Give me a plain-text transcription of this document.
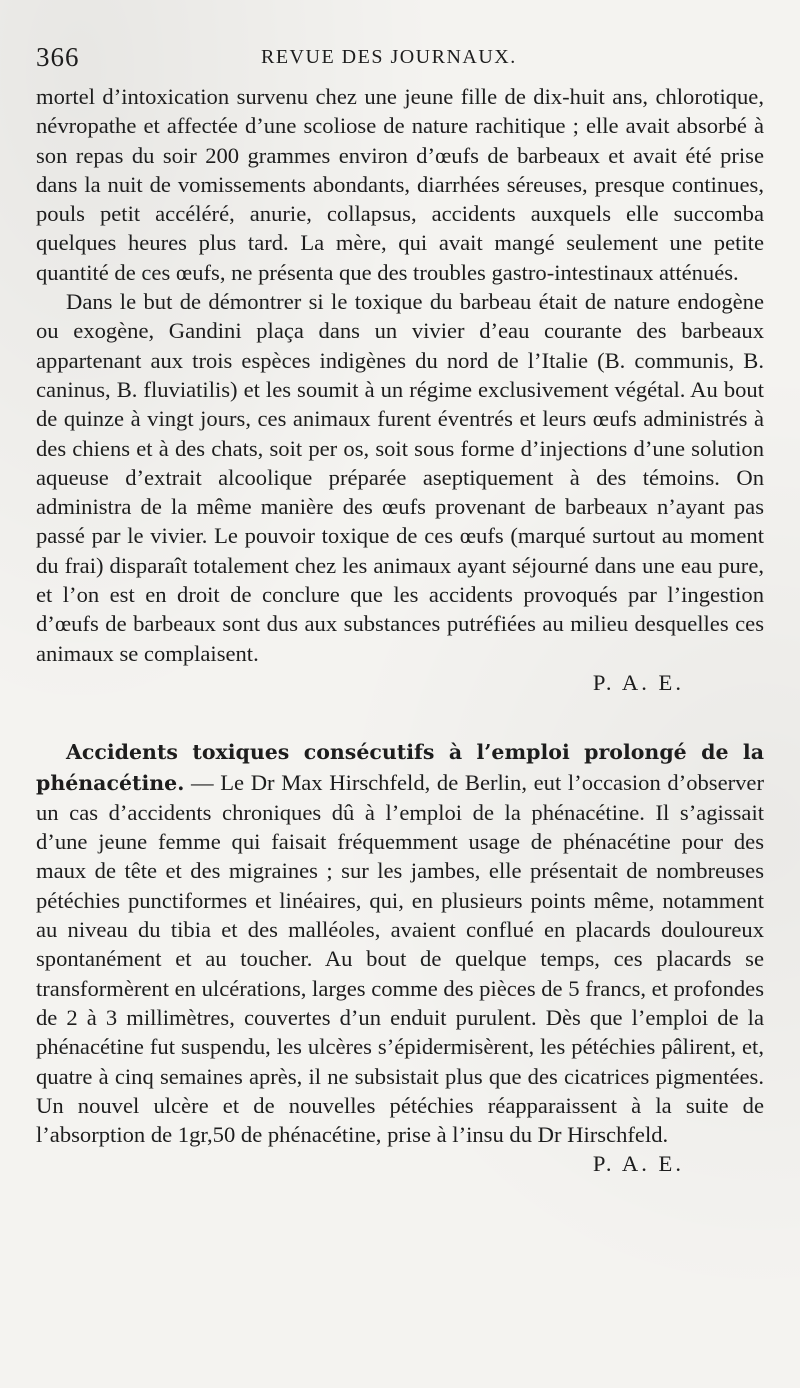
366	REVUE DES JOURNAUX.

mortel d’intoxication survenu chez une jeune fille de dix-huit ans, chlorotique, névropathe et affectée d’une scoliose de nature rachitique ; elle avait absorbé à son repas du soir 200 grammes environ d’œufs de barbeaux et avait été prise dans la nuit de vomissements abondants, diarrhées séreuses, presque continues, pouls petit accéléré, anurie, collapsus, accidents auxquels elle succomba quelques heures plus tard. La mère, qui avait mangé seulement une petite quantité de ces œufs, ne présenta que des troubles gastro-intestinaux atténués.

Dans le but de démontrer si le toxique du barbeau était de nature endogène ou exogène, Gandini plaça dans un vivier d’eau courante des barbeaux appartenant aux trois espèces indigènes du nord de l’Italie (B. communis, B. caninus, B. fluviatilis) et les soumit à un régime exclusivement végétal. Au bout de quinze à vingt jours, ces animaux furent éventrés et leurs œufs administrés à des chiens et à des chats, soit per os, soit sous forme d’injections d’une solution aqueuse d’extrait alcoolique préparée aseptiquement à des témoins. On administra de la même manière des œufs provenant de barbeaux n’ayant pas passé par le vivier. Le pouvoir toxique de ces œufs (marqué surtout au moment du frai) disparaît totalement chez les animaux ayant séjourné dans une eau pure, et l’on est en droit de conclure que les accidents provoqués par l’ingestion d’œufs de barbeaux sont dus aux substances putréfiées au milieu desquelles ces animaux se complaisent.

P. A. E.

Accidents toxiques consécutifs à l’emploi prolongé de la phénacétine. — Le Dr Max Hirschfeld, de Berlin, eut l’occasion d’observer un cas d’accidents chroniques dû à l’emploi de la phénacétine. Il s’agissait d’une jeune femme qui faisait fréquemment usage de phénacétine pour des maux de tête et des migraines ; sur les jambes, elle présentait de nombreuses pétéchies punctiformes et linéaires, qui, en plusieurs points même, notamment au niveau du tibia et des malléoles, avaient conflué en placards douloureux spontanément et au toucher. Au bout de quelque temps, ces placards se transformèrent en ulcérations, larges comme des pièces de 5 francs, et profondes de 2 à 3 millimètres, couvertes d’un enduit purulent. Dès que l’emploi de la phénacétine fut suspendu, les ulcères s’épidermisèrent, les pétéchies pâlirent, et, quatre à cinq semaines après, il ne subsistait plus que des cicatrices pigmentées. Un nouvel ulcère et de nouvelles pétéchies réapparaissent à la suite de l’absorption de 1gr,50 de phénacétine, prise à l’insu du Dr Hirschfeld.

P. A. E.
